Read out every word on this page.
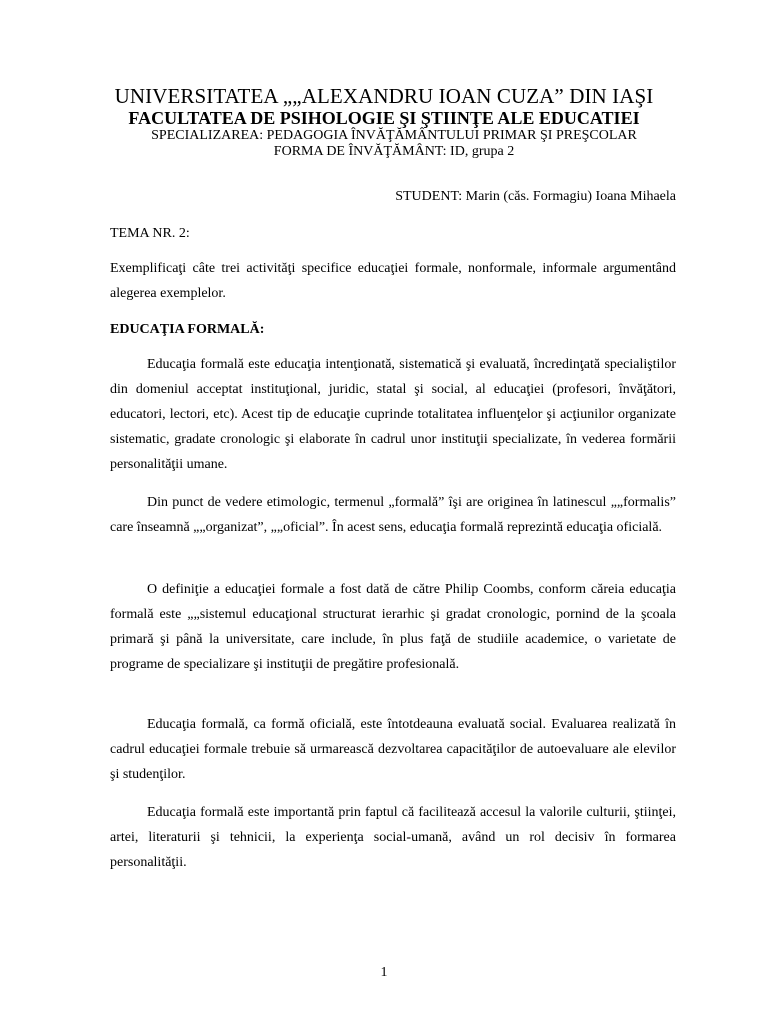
UNIVERSITATEA „„ALEXANDRU IOAN CUZA” DIN IAŞI
FACULTATEA DE PSIHOLOGIE ŞI ŞTIINŢE ALE EDUCATIEI
SPECIALIZAREA: PEDAGOGIA ÎNVĂŢĂMÂNTULUI PRIMAR ŞI PREŞCOLAR
FORMA DE ÎNVĂŢĂMÂNT: ID, grupa 2
STUDENT: Marin (căs. Formagiu) Ioana Mihaela
TEMA NR. 2:
Exemplificaţi câte trei activităţi specifice educaţiei formale, nonformale, informale argumentând alegerea exemplelor.
EDUCAŢIA FORMALĂ:
Educaţia formală este educaţia intenţionată, sistematică şi evaluată, încredinţată specialiştilor din domeniul acceptat instituţional, juridic, statal şi social, al educaţiei (profesori, învăţători, educatori, lectori, etc). Acest tip de educaţie cuprinde totalitatea influenţelor şi acţiunilor organizate sistematic, gradate cronologic şi elaborate în cadrul unor instituţii specializate, în vederea formării personalităţii umane.
Din punct de vedere etimologic, termenul „formală” îşi are originea în latinescul „„formalis” care înseamnă „„organizat”, „„oficial”. În acest sens, educaţia formală reprezintă educaţia oficială.
O definiţie a educaţiei formale a fost dată de către Philip Coombs, conform căreia educaţia formală este „„sistemul educaţional structurat ierarhic şi gradat cronologic, pornind de la şcoala primară şi până la universitate, care include, în plus faţă de studiile academice, o varietate de programe de specializare şi instituţii de pregătire profesională.
Educaţia formală, ca formă oficială, este întotdeauna evaluată social. Evaluarea realizată în cadrul educaţiei formale trebuie să urmarească dezvoltarea capacităţilor de autoevaluare ale elevilor şi studenţilor.
Educaţia formală este importantă prin faptul că facilitează accesul la valorile culturii, ştiinţei, artei, literaturii şi tehnicii, la experienţa social-umană, având un rol decisiv în formarea personalităţii.
1
